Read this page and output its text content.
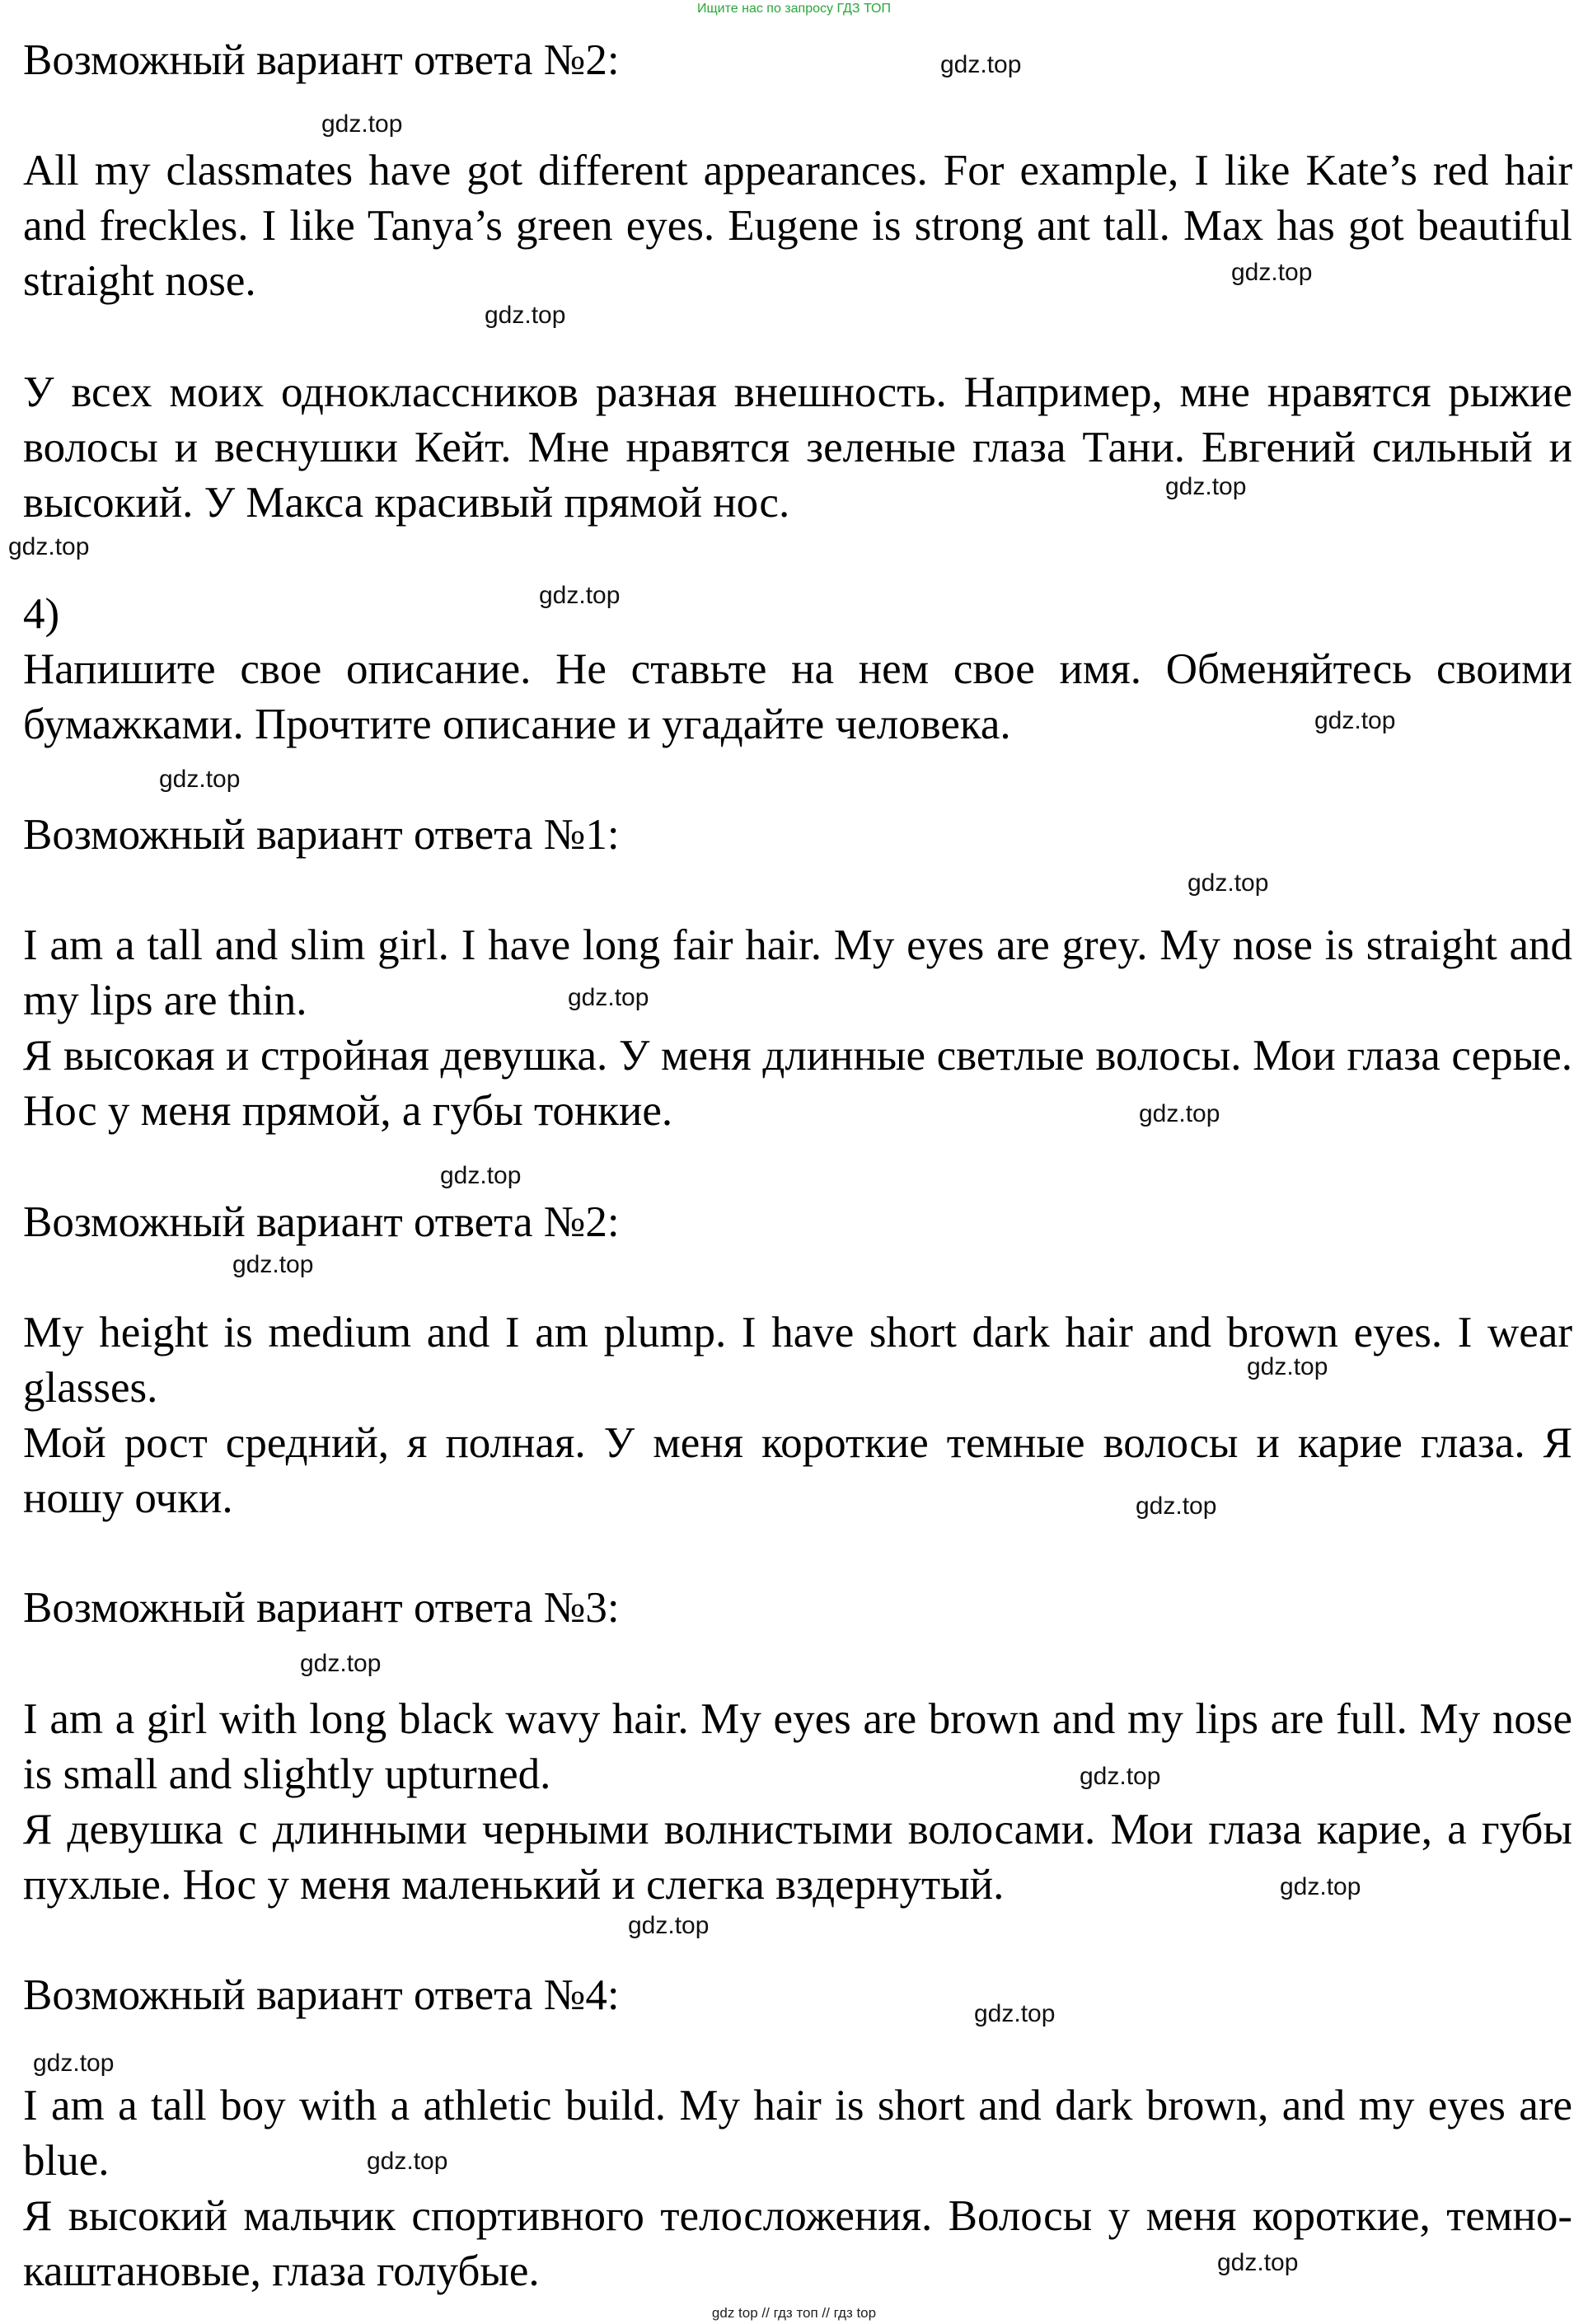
Ищите нас по запросу ГДЗ ТОП

Возможный вариант ответа №2:

All my classmates have got different appearances. For example, I like Kate’s red hair and freckles. I like Tanya’s green eyes. Eugene is strong ant tall. Max has got beautiful straight nose.

У всех моих одноклассников разная внешность. Например, мне нравятся рыжие волосы и веснушки Кейт. Мне нравятся зеленые глаза Тани. Евгений сильный и высокий. У Макса красивый прямой нос.

4)

Напишите свое описание. Не ставьте на нем свое имя. Обменяйтесь своими бумажками. Прочтите описание и угадайте человека.

Возможный вариант ответа №1:

I am a tall and slim girl. I have long fair hair. My eyes are grey. My nose is straight and my lips are thin.

Я высокая и стройная девушка. У меня длинные светлые волосы. Мои глаза серые. Нос у меня прямой, а губы тонкие.

Возможный вариант ответа №2:

My height is medium and I am plump. I have short dark hair and brown eyes. I wear glasses.

Мой рост средний, я полная. У меня короткие темные волосы и карие глаза. Я ношу очки.

Возможный вариант ответа №3:

I am a girl with long black wavy hair. My eyes are brown and my lips are full. My nose is small and slightly upturned.

Я девушка с длинными черными волнистыми волосами. Мои глаза карие, а губы пухлые. Нос у меня маленький и слегка вздернутый.

Возможный вариант ответа №4:

I am a tall boy with a athletic build. My hair is short and dark brown, and my eyes are blue.

Я высокий мальчик спортивного телосложения. Волосы у меня короткие, темно-каштановые, глаза голубые.

gdz.top
gdz.top
gdz.top
gdz.top
gdz.top
gdz.top
gdz.top
gdz.top
gdz.top
gdz.top
gdz.top
gdz.top
gdz.top
gdz.top
gdz.top
gdz.top
gdz.top
gdz.top
gdz.top
gdz.top
gdz.top
gdz.top
gdz.top
gdz.top
gdz top // гдз топ // гдз top
